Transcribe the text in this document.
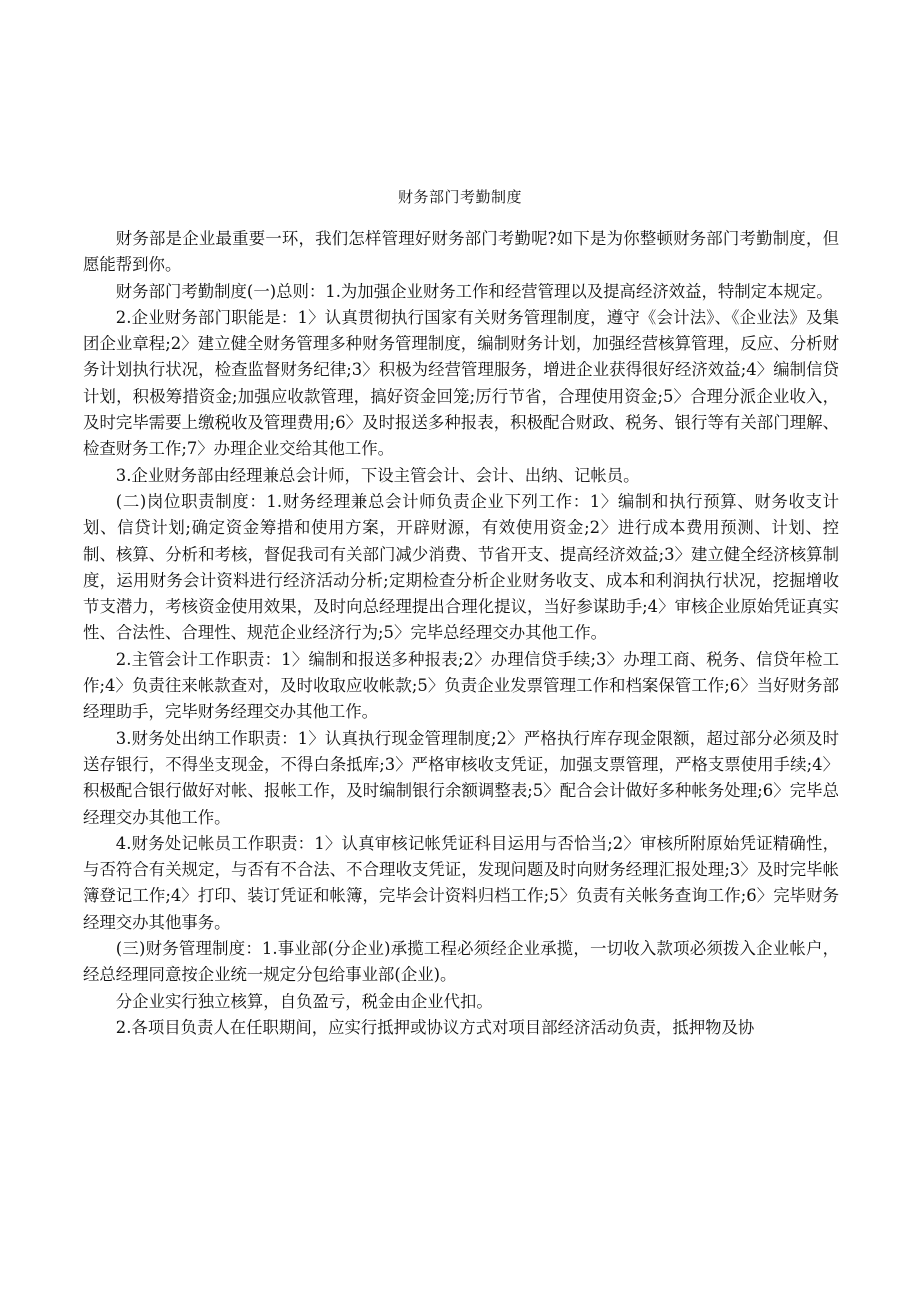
财务部门考勤制度

财务部是企业最重要一环，我们怎样管理好财务部门考勤呢?如下是为你整顿财务部门考勤制度，但愿能帮到你。

财务部门考勤制度(一)总则：1.为加强企业财务工作和经营管理以及提高经济效益，特制定本规定。

2.企业财务部门职能是：1〉认真贯彻执行国家有关财务管理制度，遵守《会计法》、《企业法》及集团企业章程;2〉建立健全财务管理多种财务管理制度，编制财务计划，加强经营核算管理，反应、分析财务计划执行状况，检查监督财务纪律;3〉积极为经营管理服务，增进企业获得很好经济效益;4〉编制信贷计划，积极筹措资金;加强应收款管理，搞好资金回笼;厉行节省，合理使用资金;5〉合理分派企业收入，及时完毕需要上缴税收及管理费用;6〉及时报送多种报表，积极配合财政、税务、银行等有关部门理解、检查财务工作;7〉办理企业交给其他工作。

3.企业财务部由经理兼总会计师，下设主管会计、会计、出纳、记帐员。

(二)岗位职责制度：1.财务经理兼总会计师负责企业下列工作：1〉编制和执行预算、财务收支计划、信贷计划;确定资金筹措和使用方案，开辟财源，有效使用资金;2〉进行成本费用预测、计划、控制、核算、分析和考核，督促我司有关部门减少消费、节省开支、提高经济效益;3〉建立健全经济核算制度，运用财务会计资料进行经济活动分析;定期检查分析企业财务收支、成本和利润执行状况，挖掘增收节支潜力，考核资金使用效果，及时向总经理提出合理化提议，当好参谋助手;4〉审核企业原始凭证真实性、合法性、合理性、规范企业经济行为;5〉完毕总经理交办其他工作。

2.主管会计工作职责：1〉编制和报送多种报表;2〉办理信贷手续;3〉办理工商、税务、信贷年检工作;4〉负责往来帐款查对，及时收取应收帐款;5〉负责企业发票管理工作和档案保管工作;6〉当好财务部经理助手，完毕财务经理交办其他工作。

3.财务处出纳工作职责：1〉认真执行现金管理制度;2〉严格执行库存现金限额，超过部分必须及时送存银行，不得坐支现金，不得白条抵库;3〉严格审核收支凭证，加强支票管理，严格支票使用手续;4〉积极配合银行做好对帐、报帐工作，及时编制银行余额调整表;5〉配合会计做好多种帐务处理;6〉完毕总经理交办其他工作。

4.财务处记帐员工作职责：1〉认真审核记帐凭证科目运用与否恰当;2〉审核所附原始凭证精确性，与否符合有关规定，与否有不合法、不合理收支凭证，发现问题及时向财务经理汇报处理;3〉及时完毕帐簿登记工作;4〉打印、装订凭证和帐簿，完毕会计资料归档工作;5〉负责有关帐务查询工作;6〉完毕财务经理交办其他事务。

(三)财务管理制度：1.事业部(分企业)承揽工程必须经企业承揽，一切收入款项必须拨入企业帐户，经总经理同意按企业统一规定分包给事业部(企业)。

分企业实行独立核算，自负盈亏，税金由企业代扣。

2.各项目负责人在任职期间，应实行抵押或协议方式对项目部经济活动负责，抵押物及协
